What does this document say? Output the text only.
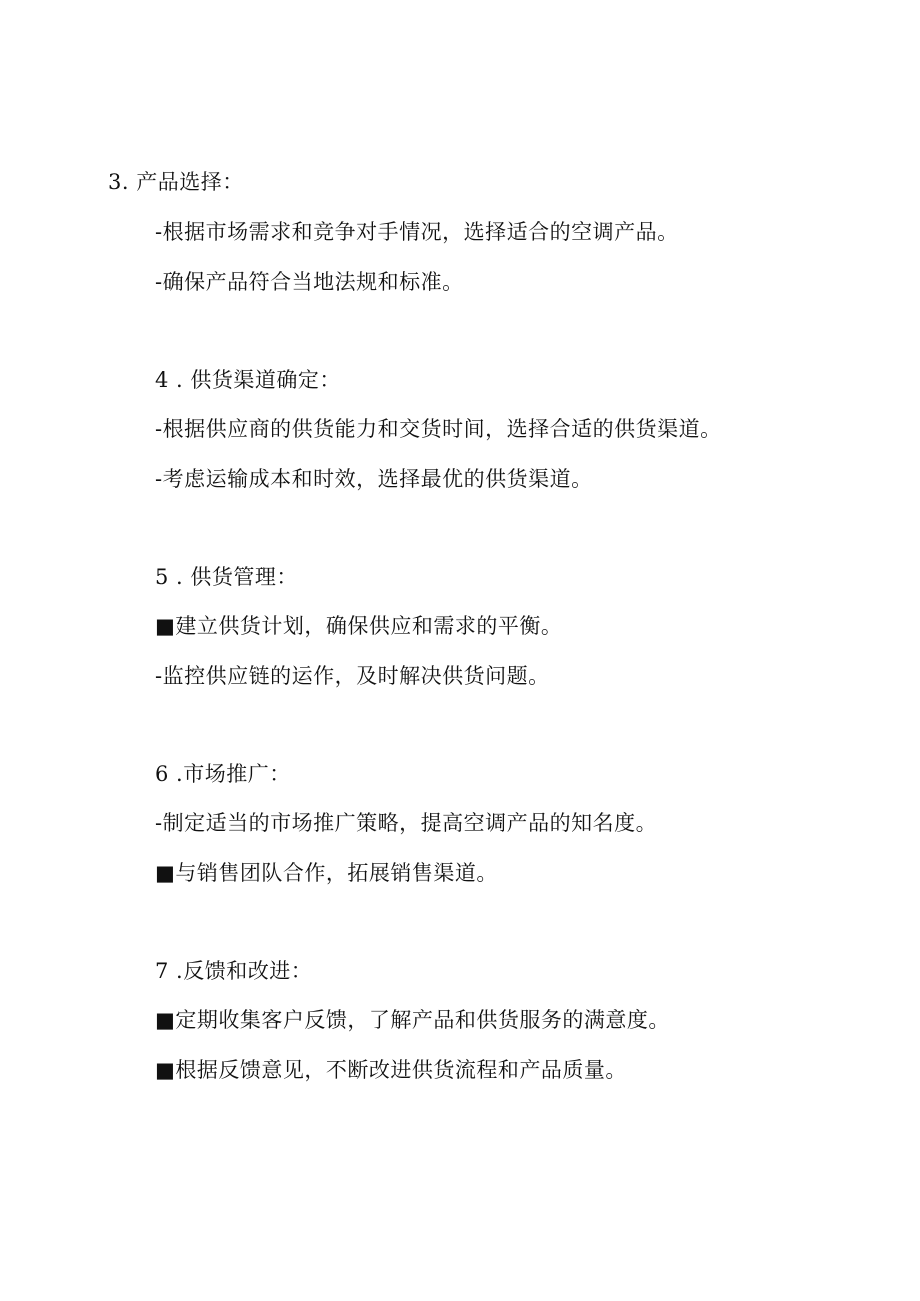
3. 产品选择：
-根据市场需求和竞争对手情况，选择适合的空调产品。
-确保产品符合当地法规和标准。
4 . 供货渠道确定：
-根据供应商的供货能力和交货时间，选择合适的供货渠道。
-考虑运输成本和时效，选择最优的供货渠道。
5 . 供货管理：
■建立供货计划，确保供应和需求的平衡。
-监控供应链的运作，及时解决供货问题。
6 .市场推广：
-制定适当的市场推广策略，提高空调产品的知名度。
■与销售团队合作，拓展销售渠道。
7 .反馈和改进：
■定期收集客户反馈，了解产品和供货服务的满意度。
■根据反馈意见，不断改进供货流程和产品质量。
